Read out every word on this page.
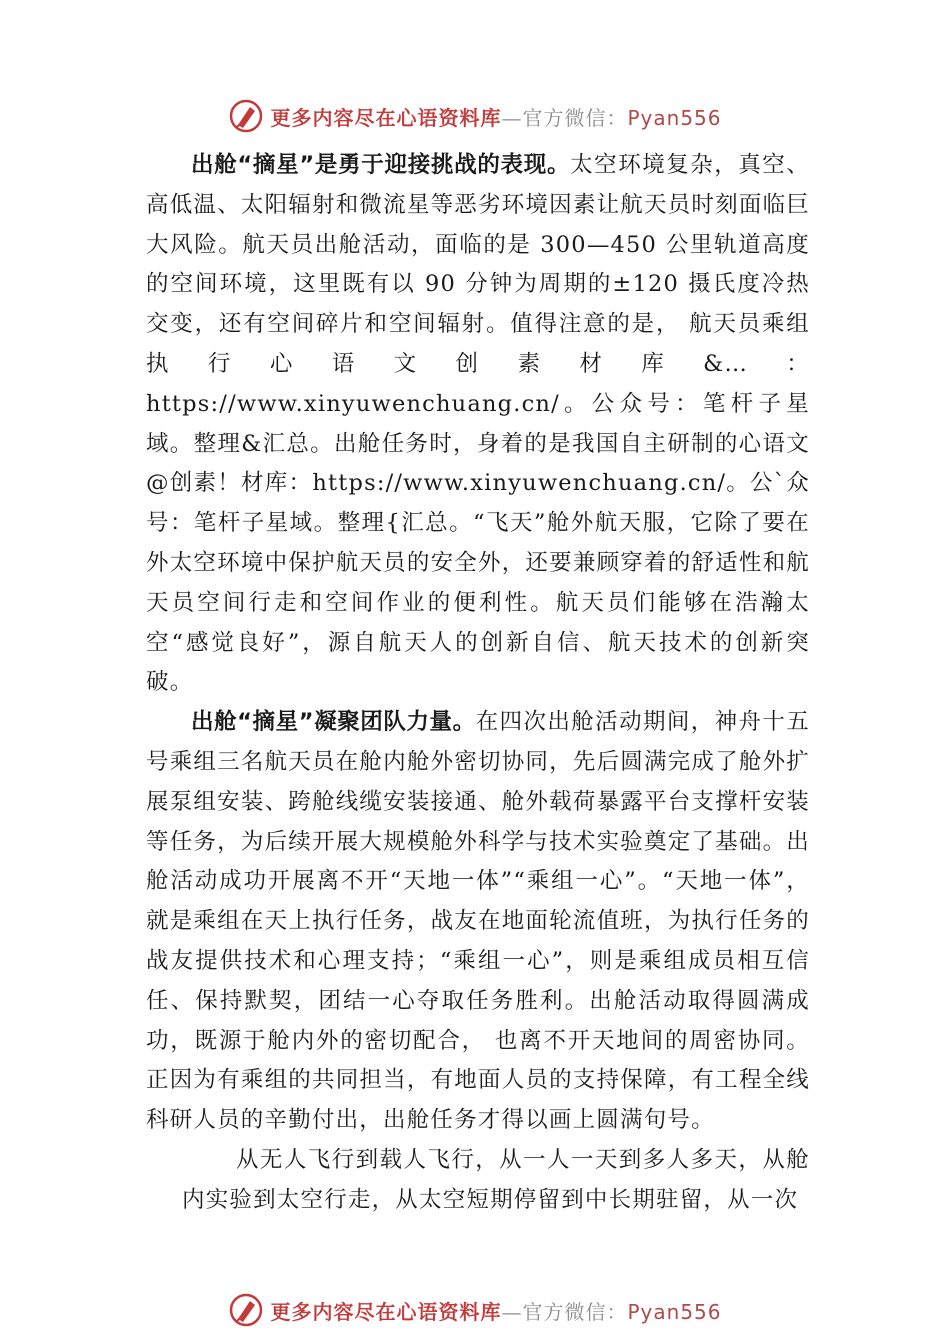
更多内容尽在心语资料库—官方微信：Pyan556

出舱“摘星”是勇于迎接挑战的表现。太空环境复杂，真空、高低温、太阳辐射和微流星等恶劣环境因素让航天员时刻面临巨大风险。航天员出舱活动，面临的是 300—450 公里轨道高度的空间环境，这里既有以 90 分钟为周期的±120 摄氏度冷热交变，还有空间碎片和空间辐射。值得注意的是， 航天员乘组执行心语文创素材库&…：https://www.xinyuwenchuang.cn/。公众号：笔杆子星域。整理&汇总。出舱任务时，身着的是我国自主研制的心语文@创素！材库：https://www.xinyuwenchuang.cn/。公`众号：笔杆子星域。整理{汇总。“飞天”舱外航天服，它除了要在外太空环境中保护航天员的安全外，还要兼顾穿着的舒适性和航天员空间行走和空间作业的便利性。航天员们能够在浩瀚太空“感觉良好”，源自航天人的创新自信、航天技术的创新突破。

出舱“摘星”凝聚团队力量。在四次出舱活动期间，神舟十五号乘组三名航天员在舱内舱外密切协同，先后圆满完成了舱外扩展泵组安装、跨舱线缆安装接通、舱外载荷暴露平台支撑杆安装等任务，为后续开展大规模舱外科学与技术实验奠定了基础。出舱活动成功开展离不开“天地一体”“乘组一心”。“天地一体”，就是乘组在天上执行任务，战友在地面轮流值班，为执行任务的战友提供技术和心理支持；“乘组一心”，则是乘组成员相互信任、保持默契，团结一心夺取任务胜利。出舱活动取得圆满成功，既源于舱内外的密切配合， 也离不开天地间的周密协同。正因为有乘组的共同担当，有地面人员的支持保障，有工程全线科研人员的辛勤付出，出舱任务才得以画上圆满句号。

从无人飞行到载人飞行，从一人一天到多人多天，从舱内实验到太空行走，从太空短期停留到中长期驻留，从一次

更多内容尽在心语资料库—官方微信：Pyan556
